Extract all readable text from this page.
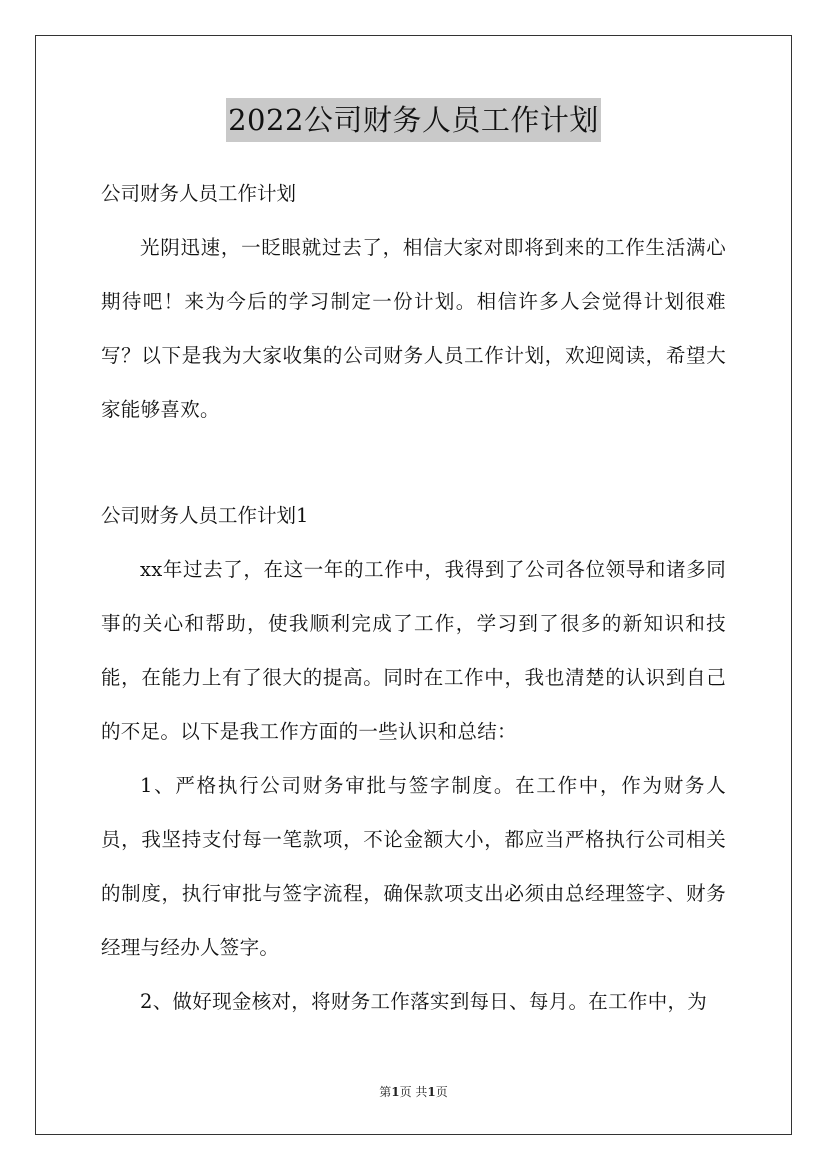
2022公司财务人员工作计划

公司财务人员工作计划

光阴迅速，一眨眼就过去了，相信大家对即将到来的工作生活满心期待吧！来为今后的学习制定一份计划。相信许多人会觉得计划很难写？以下是我为大家收集的公司财务人员工作计划，欢迎阅读，希望大家能够喜欢。

公司财务人员工作计划1

xx年过去了，在这一年的工作中，我得到了公司各位领导和诸多同事的关心和帮助，使我顺利完成了工作，学习到了很多的新知识和技能，在能力上有了很大的提高。同时在工作中，我也清楚的认识到自己的不足。以下是我工作方面的一些认识和总结：

1、严格执行公司财务审批与签字制度。在工作中，作为财务人员，我坚持支付每一笔款项，不论金额大小，都应当严格执行公司相关的制度，执行审批与签字流程，确保款项支出必须由总经理签字、财务经理与经办人签字。

2、做好现金核对，将财务工作落实到每日、每月。在工作中，为

第1页 共1页
